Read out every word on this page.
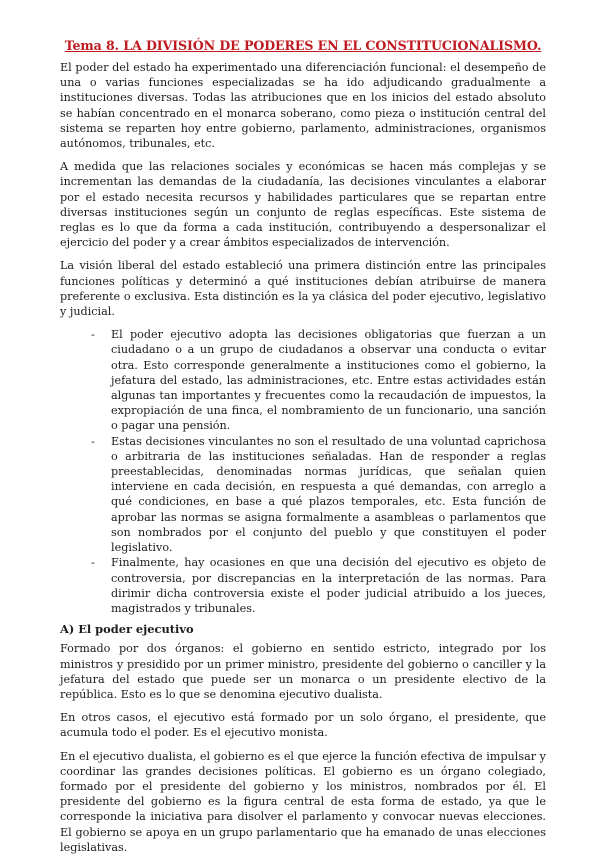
Tema 8. LA DIVISIÓN DE PODERES EN EL CONSTITUCIONALISMO.

El poder del estado ha experimentado una diferenciación funcional: el desempeño de una o varias funciones especializadas se ha ido adjudicando gradualmente a instituciones diversas. Todas las atribuciones que en los inicios del estado absoluto se habían concentrado en el monarca soberano, como pieza o institución central del sistema se reparten hoy entre gobierno, parlamento, administraciones, organismos autónomos, tribunales, etc.

A medida que las relaciones sociales y económicas se hacen más complejas y se incrementan las demandas de la ciudadanía, las decisiones vinculantes a elaborar por el estado necesita recursos y habilidades particulares que se repartan entre diversas instituciones según un conjunto de reglas específicas. Este sistema de reglas es lo que da forma a cada institución, contribuyendo a despersonalizar el ejercicio del poder y a crear ámbitos especializados de intervención.

La visión liberal del estado estableció una primera distinción entre las principales funciones políticas y determinó a qué instituciones debían atribuirse de manera preferente o exclusiva. Esta distinción es la ya clásica del poder ejecutivo, legislativo y judicial.

- El poder ejecutivo adopta las decisiones obligatorias que fuerzan a un ciudadano o a un grupo de ciudadanos a observar una conducta o evitar otra. Esto corresponde generalmente a instituciones como el gobierno, la jefatura del estado, las administraciones, etc. Entre estas actividades están algunas tan importantes y frecuentes como la recaudación de impuestos, la expropiación de una finca, el nombramiento de un funcionario, una sanción o pagar una pensión.
- Estas decisiones vinculantes no son el resultado de una voluntad caprichosa o arbitraria de las instituciones señaladas. Han de responder a reglas preestablecidas, denominadas normas jurídicas, que señalan quien interviene en cada decisión, en respuesta a qué demandas, con arreglo a qué condiciones, en base a qué plazos temporales, etc. Esta función de aprobar las normas se asigna formalmente a asambleas o parlamentos que son nombrados por el conjunto del pueblo y que constituyen el poder legislativo.
- Finalmente, hay ocasiones en que una decisión del ejecutivo es objeto de controversia, por discrepancias en la interpretación de las normas. Para dirimir dicha controversia existe el poder judicial atribuido a los jueces, magistrados y tribunales.
A) El poder ejecutivo

Formado por dos órganos: el gobierno en sentido estricto, integrado por los ministros y presidido por un primer ministro, presidente del gobierno o canciller y la jefatura del estado que puede ser un monarca o un presidente electivo de la república. Esto es lo que se denomina ejecutivo dualista.

En otros casos, el ejecutivo está formado por un solo órgano, el presidente, que acumula todo el poder. Es el ejecutivo monista.

En el ejecutivo dualista, el gobierno es el que ejerce la función efectiva de impulsar y coordinar las grandes decisiones políticas. El gobierno es un órgano colegiado, formado por el presidente del gobierno y los ministros, nombrados por él. El presidente del gobierno es la figura central de esta forma de estado, ya que le corresponde la iniciativa para disolver el parlamento y convocar nuevas elecciones. El gobierno se apoya en un grupo parlamentario que ha emanado de unas elecciones legislativas.
